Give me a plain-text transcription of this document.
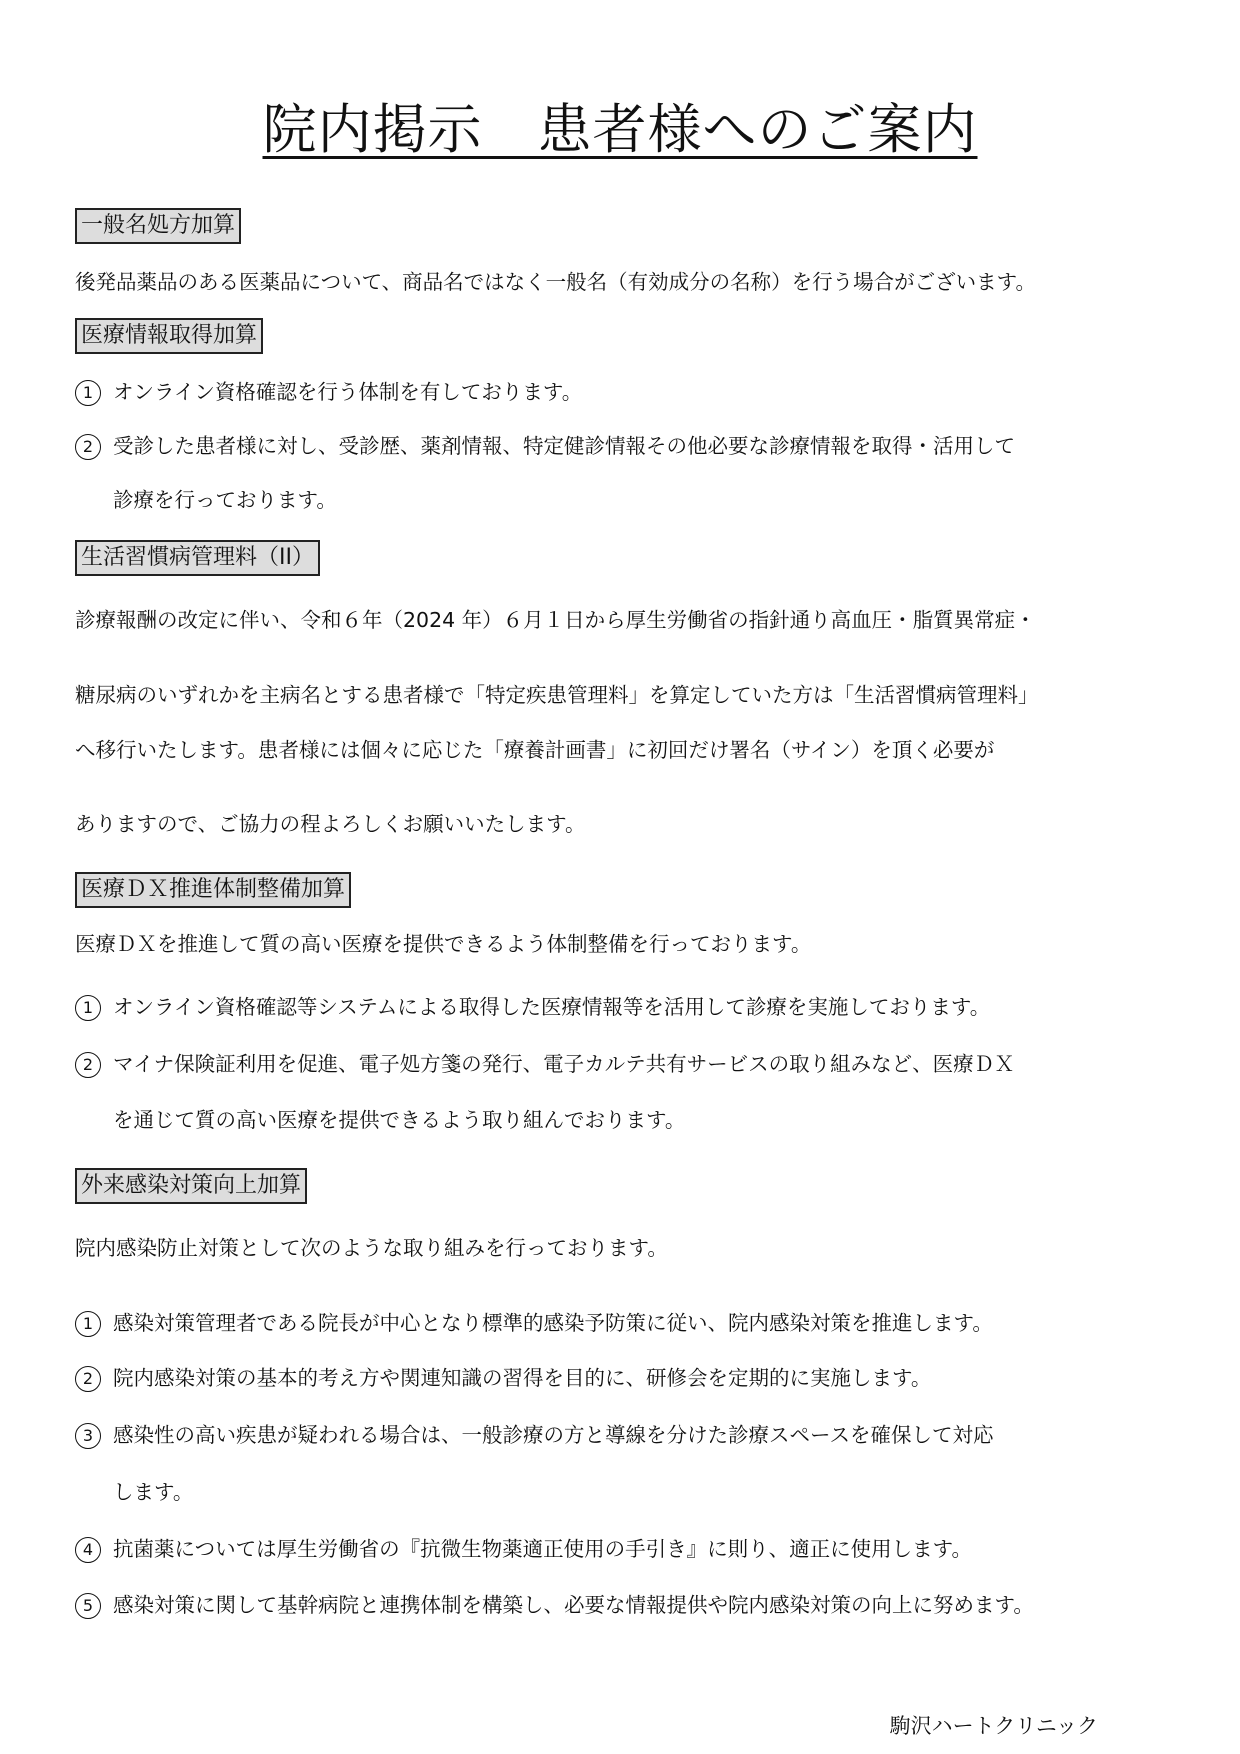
院内掲示　患者様へのご案内
一般名処方加算
後発品薬品のある医薬品について、商品名ではなく一般名（有効成分の名称）を行う場合がございます。
医療情報取得加算
1 オンライン資格確認を行う体制を有しております。
2 受診した患者様に対し、受診歴、薬剤情報、特定健診情報その他必要な診療情報を取得・活用して
診療を行っております。
生活習慣病管理料（II）
診療報酬の改定に伴い、令和６年（2024 年）６月１日から厚生労働省の指針通り高血圧・脂質異常症・
糖尿病のいずれかを主病名とする患者様で「特定疾患管理料」を算定していた方は「生活習慣病管理料」
へ移行いたします。患者様には個々に応じた「療養計画書」に初回だけ署名（サイン）を頂く必要が
ありますので、ご協力の程よろしくお願いいたします。
医療ＤＸ推進体制整備加算
医療ＤＸを推進して質の高い医療を提供できるよう体制整備を行っております。
1 オンライン資格確認等システムによる取得した医療情報等を活用して診療を実施しております。
2 マイナ保険証利用を促進、電子処方箋の発行、電子カルテ共有サービスの取り組みなど、医療ＤＸ
を通じて質の高い医療を提供できるよう取り組んでおります。
外来感染対策向上加算
院内感染防止対策として次のような取り組みを行っております。
1 感染対策管理者である院長が中心となり標準的感染予防策に従い、院内感染対策を推進します。
2 院内感染対策の基本的考え方や関連知識の習得を目的に、研修会を定期的に実施します。
3 感染性の高い疾患が疑われる場合は、一般診療の方と導線を分けた診療スペースを確保して対応
します。
4 抗菌薬については厚生労働省の『抗微生物薬適正使用の手引き』に則り、適正に使用します。
5 感染対策に関して基幹病院と連携体制を構築し、必要な情報提供や院内感染対策の向上に努めます。
駒沢ハートクリニック
